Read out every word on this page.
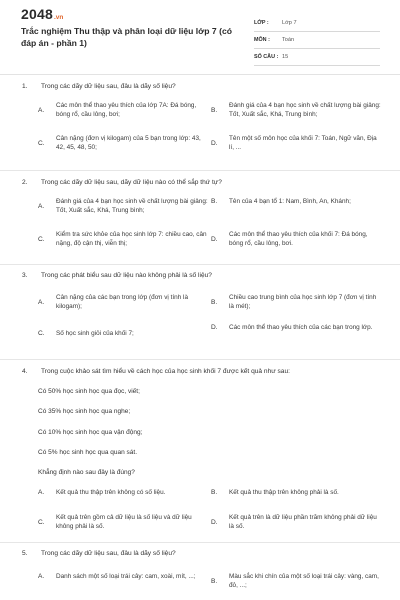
2048 .vn
Trắc nghiệm Thu thập và phân loại dữ liệu lớp 7 (có đáp án - phần 1)
LỚP :	Lớp 7
MÔN :	Toán
SỐ CÂU : 15
1.	Trong các dãy dữ liệu sau, đâu là dãy số liệu?
A.
Các môn thể thao yêu thích của lớp 7A: Đá bóng, bóng rổ, cầu lông, bơi;
B.
Đánh giá của 4 bạn học sinh về chất lượng bài giảng: Tốt, Xuất sắc, Khá, Trung bình;
C.
Cân nặng (đơn vị kilogam) của 5 bạn trong lớp: 43, 42, 45, 48, 50;
D.
Tên một số môn học của khối 7: Toán, Ngữ văn, Địa lí, ...
2.	Trong các dãy dữ liệu sau, dãy dữ liệu nào có thể sắp thứ tự?
A.
Đánh giá của 4 bạn học sinh về chất lượng bài giảng: Tốt, Xuất sắc, Khá, Trung bình;
B.	Tên của 4 bạn tổ 1: Nam, Bình, An, Khánh;
C.
Kiểm tra sức khỏe của học sinh lớp 7: chiều cao, cân nặng, độ cận thị, viễn thị;
D.
Các môn thể thao yêu thích của khối 7: Đá bóng, bóng rổ, cầu lông, bơi.
3.	Trong các phát biểu sau dữ liệu nào không phải là số liệu?
A.
Cân nặng của các bạn trong lớp (đơn vị tính là kilogam);
B.
Chiều cao trung bình của học sinh lớp 7 (đơn vị tính là mét);
C.	Số học sinh giỏi của khối 7;
D.	Các môn thể thao yêu thích của các bạn trong lớp.
4.	Trong cuộc khảo sát tìm hiểu về cách học của học sinh khối 7 được kết quả như sau:
Có 50% học sinh học qua đọc, viết;
Có 35% học sinh học qua nghe;
Có 10% học sinh học qua vận động;
Có 5% học sinh học qua quan sát.
Khẳng định nào sau đây là đúng?
A.	Kết quả thu thập trên không có số liệu.	B.	Kết quả thu thập trên không phải là số.
C.
Kết quả trên gồm cả dữ liệu là số liệu và dữ liệu không phải là số.
D.
Kết quả trên là dữ liệu phần trăm không phải dữ liệu là số.
5.	Trong các dãy dữ liệu sau, đâu là dãy số liệu?
A.	Danh sách một số loại trái cây: cam, xoài, mít, ...;
B.
Màu sắc khi chín của một số loại trái cây: vàng, cam, đỏ, ...;
